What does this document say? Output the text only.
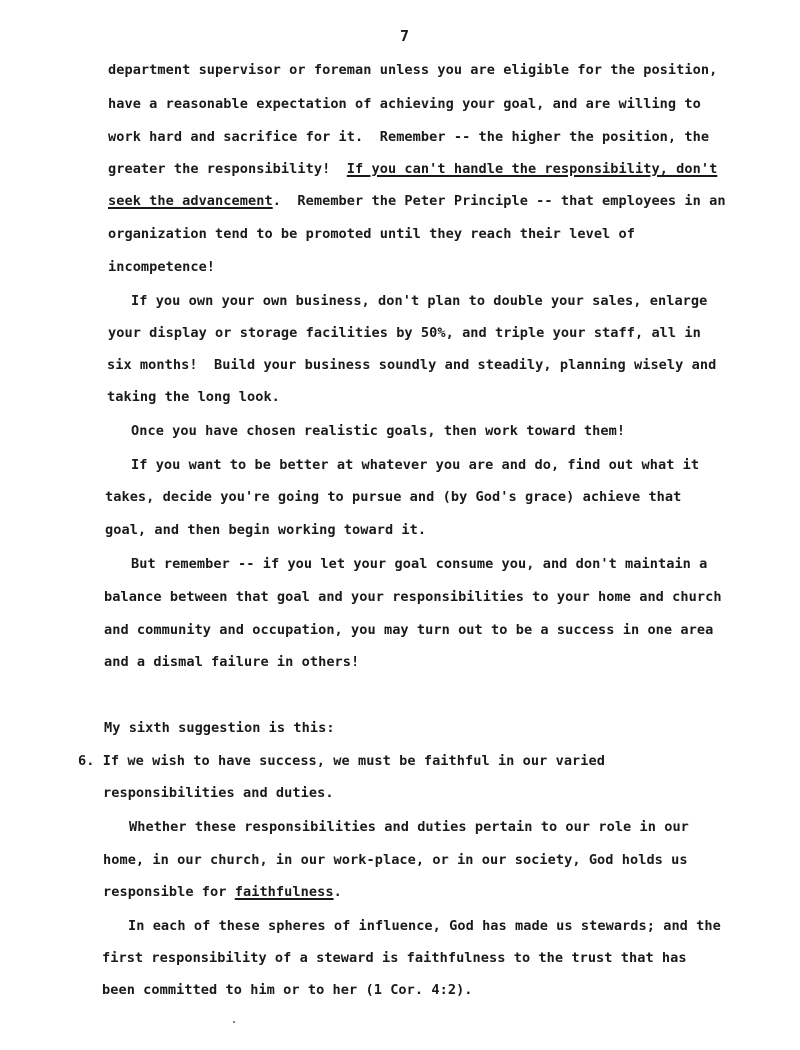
7
department supervisor or foreman unless you are eligible for the position,
have a reasonable expectation of achieving your goal, and are willing to
work hard and sacrifice for it.  Remember -- the higher the position, the
greater the responsibility!  If you can't handle the responsibility, don't
seek the advancement.  Remember the Peter Principle -- that employees in an
organization tend to be promoted until they reach their level of
incompetence!
If you own your own business, don't plan to double your sales, enlarge
your display or storage facilities by 50%, and triple your staff, all in
six months!  Build your business soundly and steadily, planning wisely and
taking the long look.
Once you have chosen realistic goals, then work toward them!
If you want to be better at whatever you are and do, find out what it
takes, decide you're going to pursue and (by God's grace) achieve that
goal, and then begin working toward it.
But remember -- if you let your goal consume you, and don't maintain a
balance between that goal and your responsibilities to your home and church
and community and occupation, you may turn out to be a success in one area
and a dismal failure in others!
My sixth suggestion is this:
6. If we wish to have success, we must be faithful in our varied
responsibilities and duties.
Whether these responsibilities and duties pertain to our role in our
home, in our church, in our work-place, or in our society, God holds us
responsible for faithfulness.
In each of these spheres of influence, God has made us stewards; and the
first responsibility of a steward is faithfulness to the trust that has
been committed to him or to her (1 Cor. 4:2).
